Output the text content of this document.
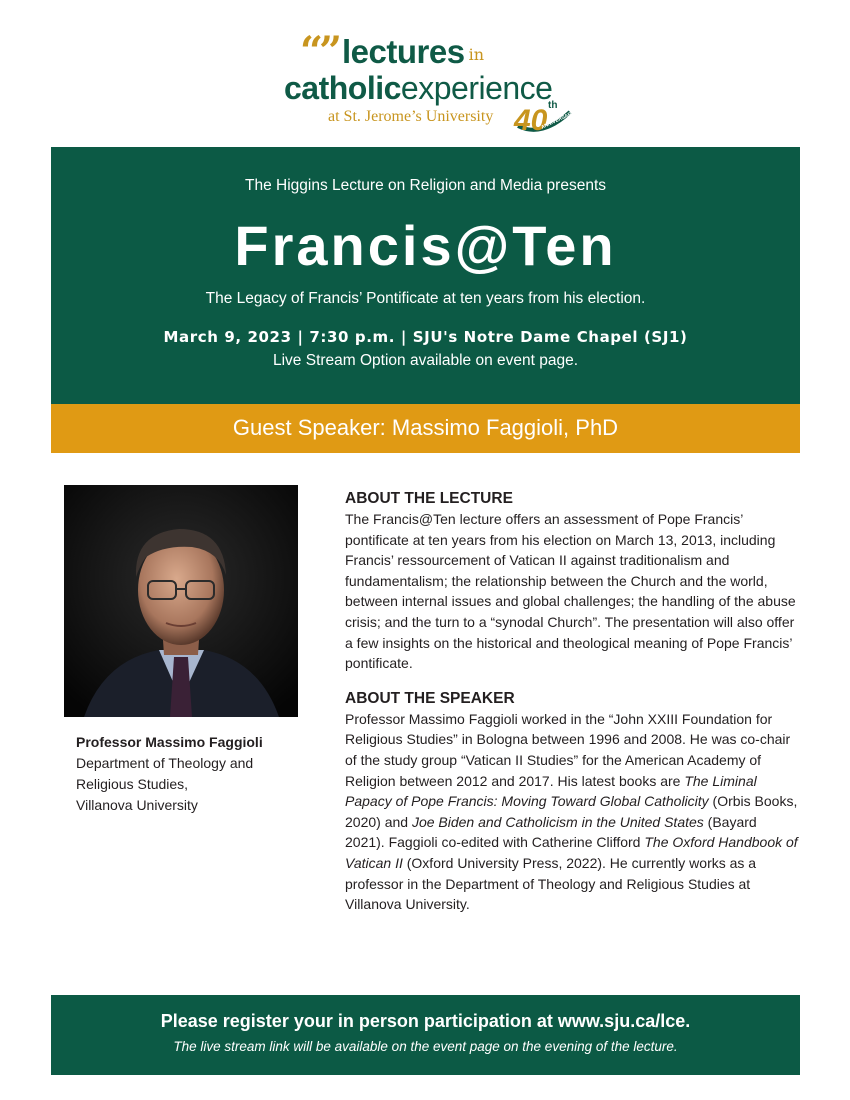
“” lectures in
catholicexperience
at St. Jerome’s University 40 th
ANNIVERSARY
The Higgins Lecture on Religion and Media presents
Francis@Ten
The Legacy of Francis’ Pontificate at ten years from his election.
March 9, 2023 | 7:30 p.m. | SJU's Notre Dame Chapel (SJ1)
Live Stream Option available on event page.
Guest Speaker: Massimo Faggioli, PhD
Professor Massimo Faggioli
Department of Theology and
Religious Studies,
Villanova University
ABOUT THE LECTURE
The Francis@Ten lecture offers an assessment of Pope Francis’ pontificate at ten years from his election on March 13, 2013, including Francis’ ressourcement of Vatican II against traditionalism and fundamentalism; the relationship between the Church and the world, between internal issues and global challenges; the handling of the abuse crisis; and the turn to a “synodal Church”. The presentation will also offer a few insights on the historical and theological meaning of Pope Francis’ pontificate.
ABOUT THE SPEAKER
Professor Massimo Faggioli worked in the “John XXIII Foundation for Religious Studies” in Bologna between 1996 and 2008. He was co-chair of the study group “Vatican II Studies” for the American Academy of Religion between 2012 and 2017. His latest books are The Liminal Papacy of Pope Francis: Moving Toward Global Catholicity (Orbis Books, 2020) and Joe Biden and Catholicism in the United States (Bayard 2021). Faggioli co-edited with Catherine Clifford The Oxford Handbook of Vatican II (Oxford University Press, 2022). He currently works as a professor in the Department of Theology and Religious Studies at Villanova University.
Please register your in person participation at www.sju.ca/lce.
The live stream link will be available on the event page on the evening of the lecture.
